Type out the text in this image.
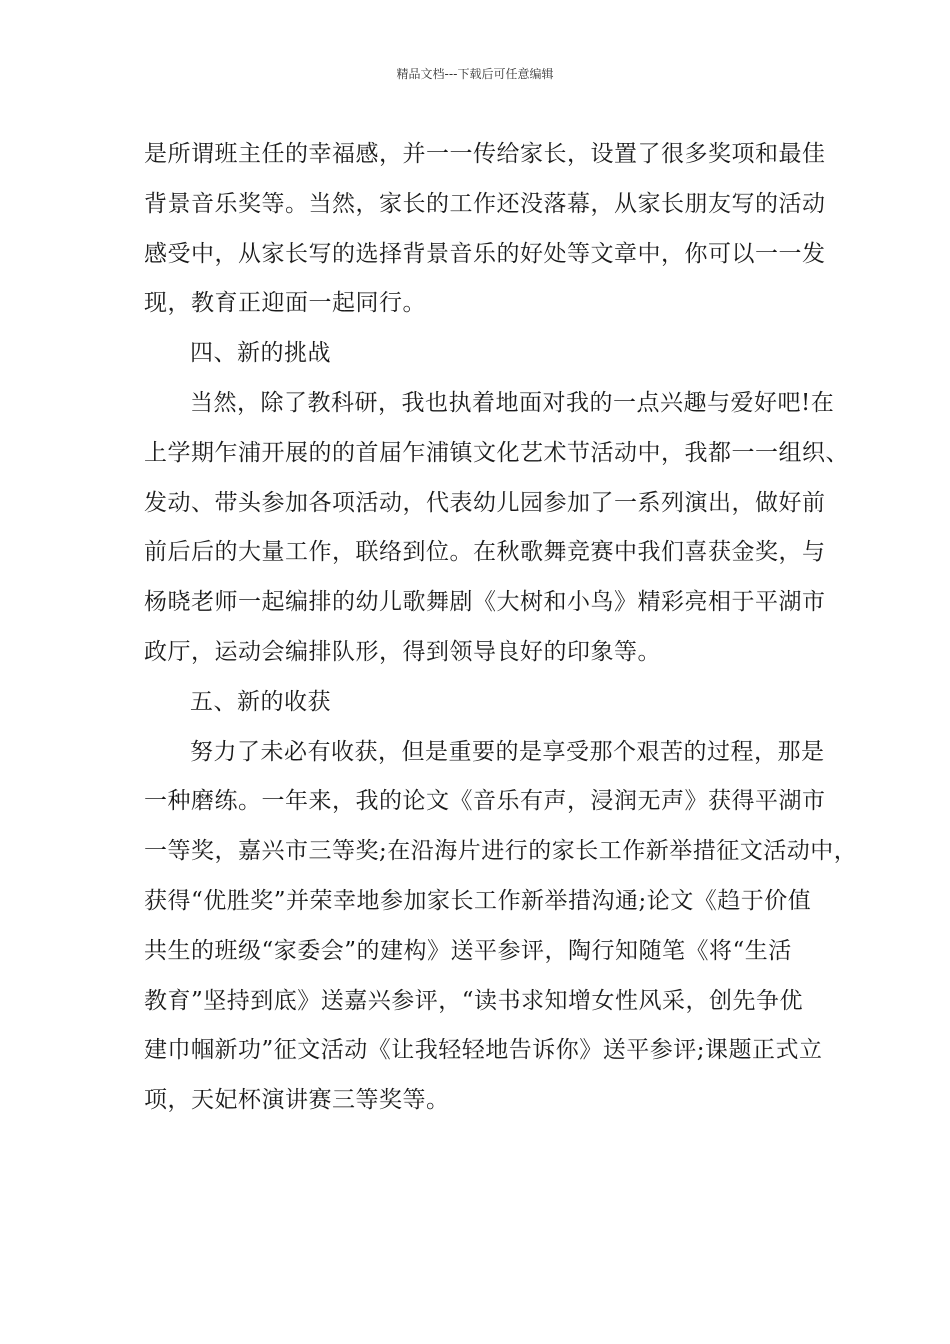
精品文档---下载后可任意编辑
是所谓班主任的幸福感，并一一传给家长，设置了很多奖项和最佳
背景音乐奖等。当然，家长的工作还没落幕，从家长朋友写的活动
感受中，从家长写的选择背景音乐的好处等文章中，你可以一一发
现，教育正迎面一起同行。
四、新的挑战
当然，除了教科研，我也执着地面对我的一点兴趣与爱好吧!在
上学期乍浦开展的的首届乍浦镇文化艺术节活动中，我都一一组织、
发动、带头参加各项活动，代表幼儿园参加了一系列演出，做好前
前后后的大量工作，联络到位。在秋歌舞竞赛中我们喜获金奖，与
杨晓老师一起编排的幼儿歌舞剧《大树和小鸟》精彩亮相于平湖市
政厅，运动会编排队形，得到领导良好的印象等。
五、新的收获
努力了未必有收获，但是重要的是享受那个艰苦的过程，那是
一种磨练。一年来，我的论文《音乐有声，浸润无声》获得平湖市
一等奖，嘉兴市三等奖;在沿海片进行的家长工作新举措征文活动中，
获得“优胜奖”并荣幸地参加家长工作新举措沟通;论文《趋于价值
共生的班级“家委会”的建构》送平参评，陶行知随笔《将“生活
教育”坚持到底》送嘉兴参评，“读书求知增女性风采，创先争优
建巾帼新功”征文活动《让我轻轻地告诉你》送平参评;课题正式立
项，天妃杯演讲赛三等奖等。
